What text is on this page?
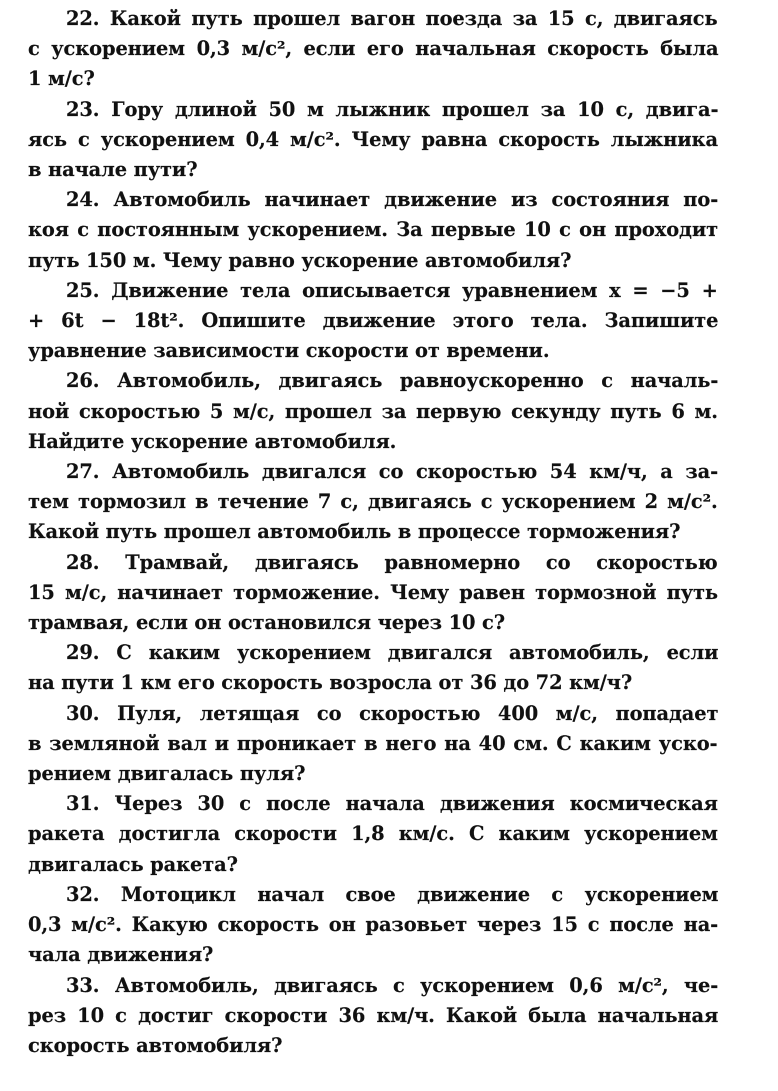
22. Какой путь прошел вагон поезда за 15 с, двигаясь
с ускорением 0,3 м/с², если его начальная скорость была
1 м/с?
23. Гору длиной 50 м лыжник прошел за 10 с, двига-
ясь с ускорением 0,4 м/с². Чему равна скорость лыжника
в начале пути?
24. Автомобиль начинает движение из состояния по-
коя с постоянным ускорением. За первые 10 с он проходит
путь 150 м. Чему равно ускорение автомобиля?
25. Движение тела описывается уравнением x = −5 +
+ 6t − 18t². Опишите движение этого тела. Запишите
уравнение зависимости скорости от времени.
26. Автомобиль, двигаясь равноускоренно с началь-
ной скоростью 5 м/с, прошел за первую секунду путь 6 м.
Найдите ускорение автомобиля.
27. Автомобиль двигался со скоростью 54 км/ч, а за-
тем тормозил в течение 7 с, двигаясь с ускорением 2 м/с².
Какой путь прошел автомобиль в процессе торможения?
28. Трамвай, двигаясь равномерно со скоростью
15 м/с, начинает торможение. Чему равен тормозной путь
трамвая, если он остановился через 10 с?
29. С каким ускорением двигался автомобиль, если
на пути 1 км его скорость возросла от 36 до 72 км/ч?
30. Пуля, летящая со скоростью 400 м/с, попадает
в земляной вал и проникает в него на 40 см. С каким уско-
рением двигалась пуля?
31. Через 30 с после начала движения космическая
ракета достигла скорости 1,8 км/с. С каким ускорением
двигалась ракета?
32. Мотоцикл начал свое движение с ускорением
0,3 м/с². Какую скорость он разовьет через 15 с после на-
чала движения?
33. Автомобиль, двигаясь с ускорением 0,6 м/с², че-
рез 10 с достиг скорости 36 км/ч. Какой была начальная
скорость автомобиля?
